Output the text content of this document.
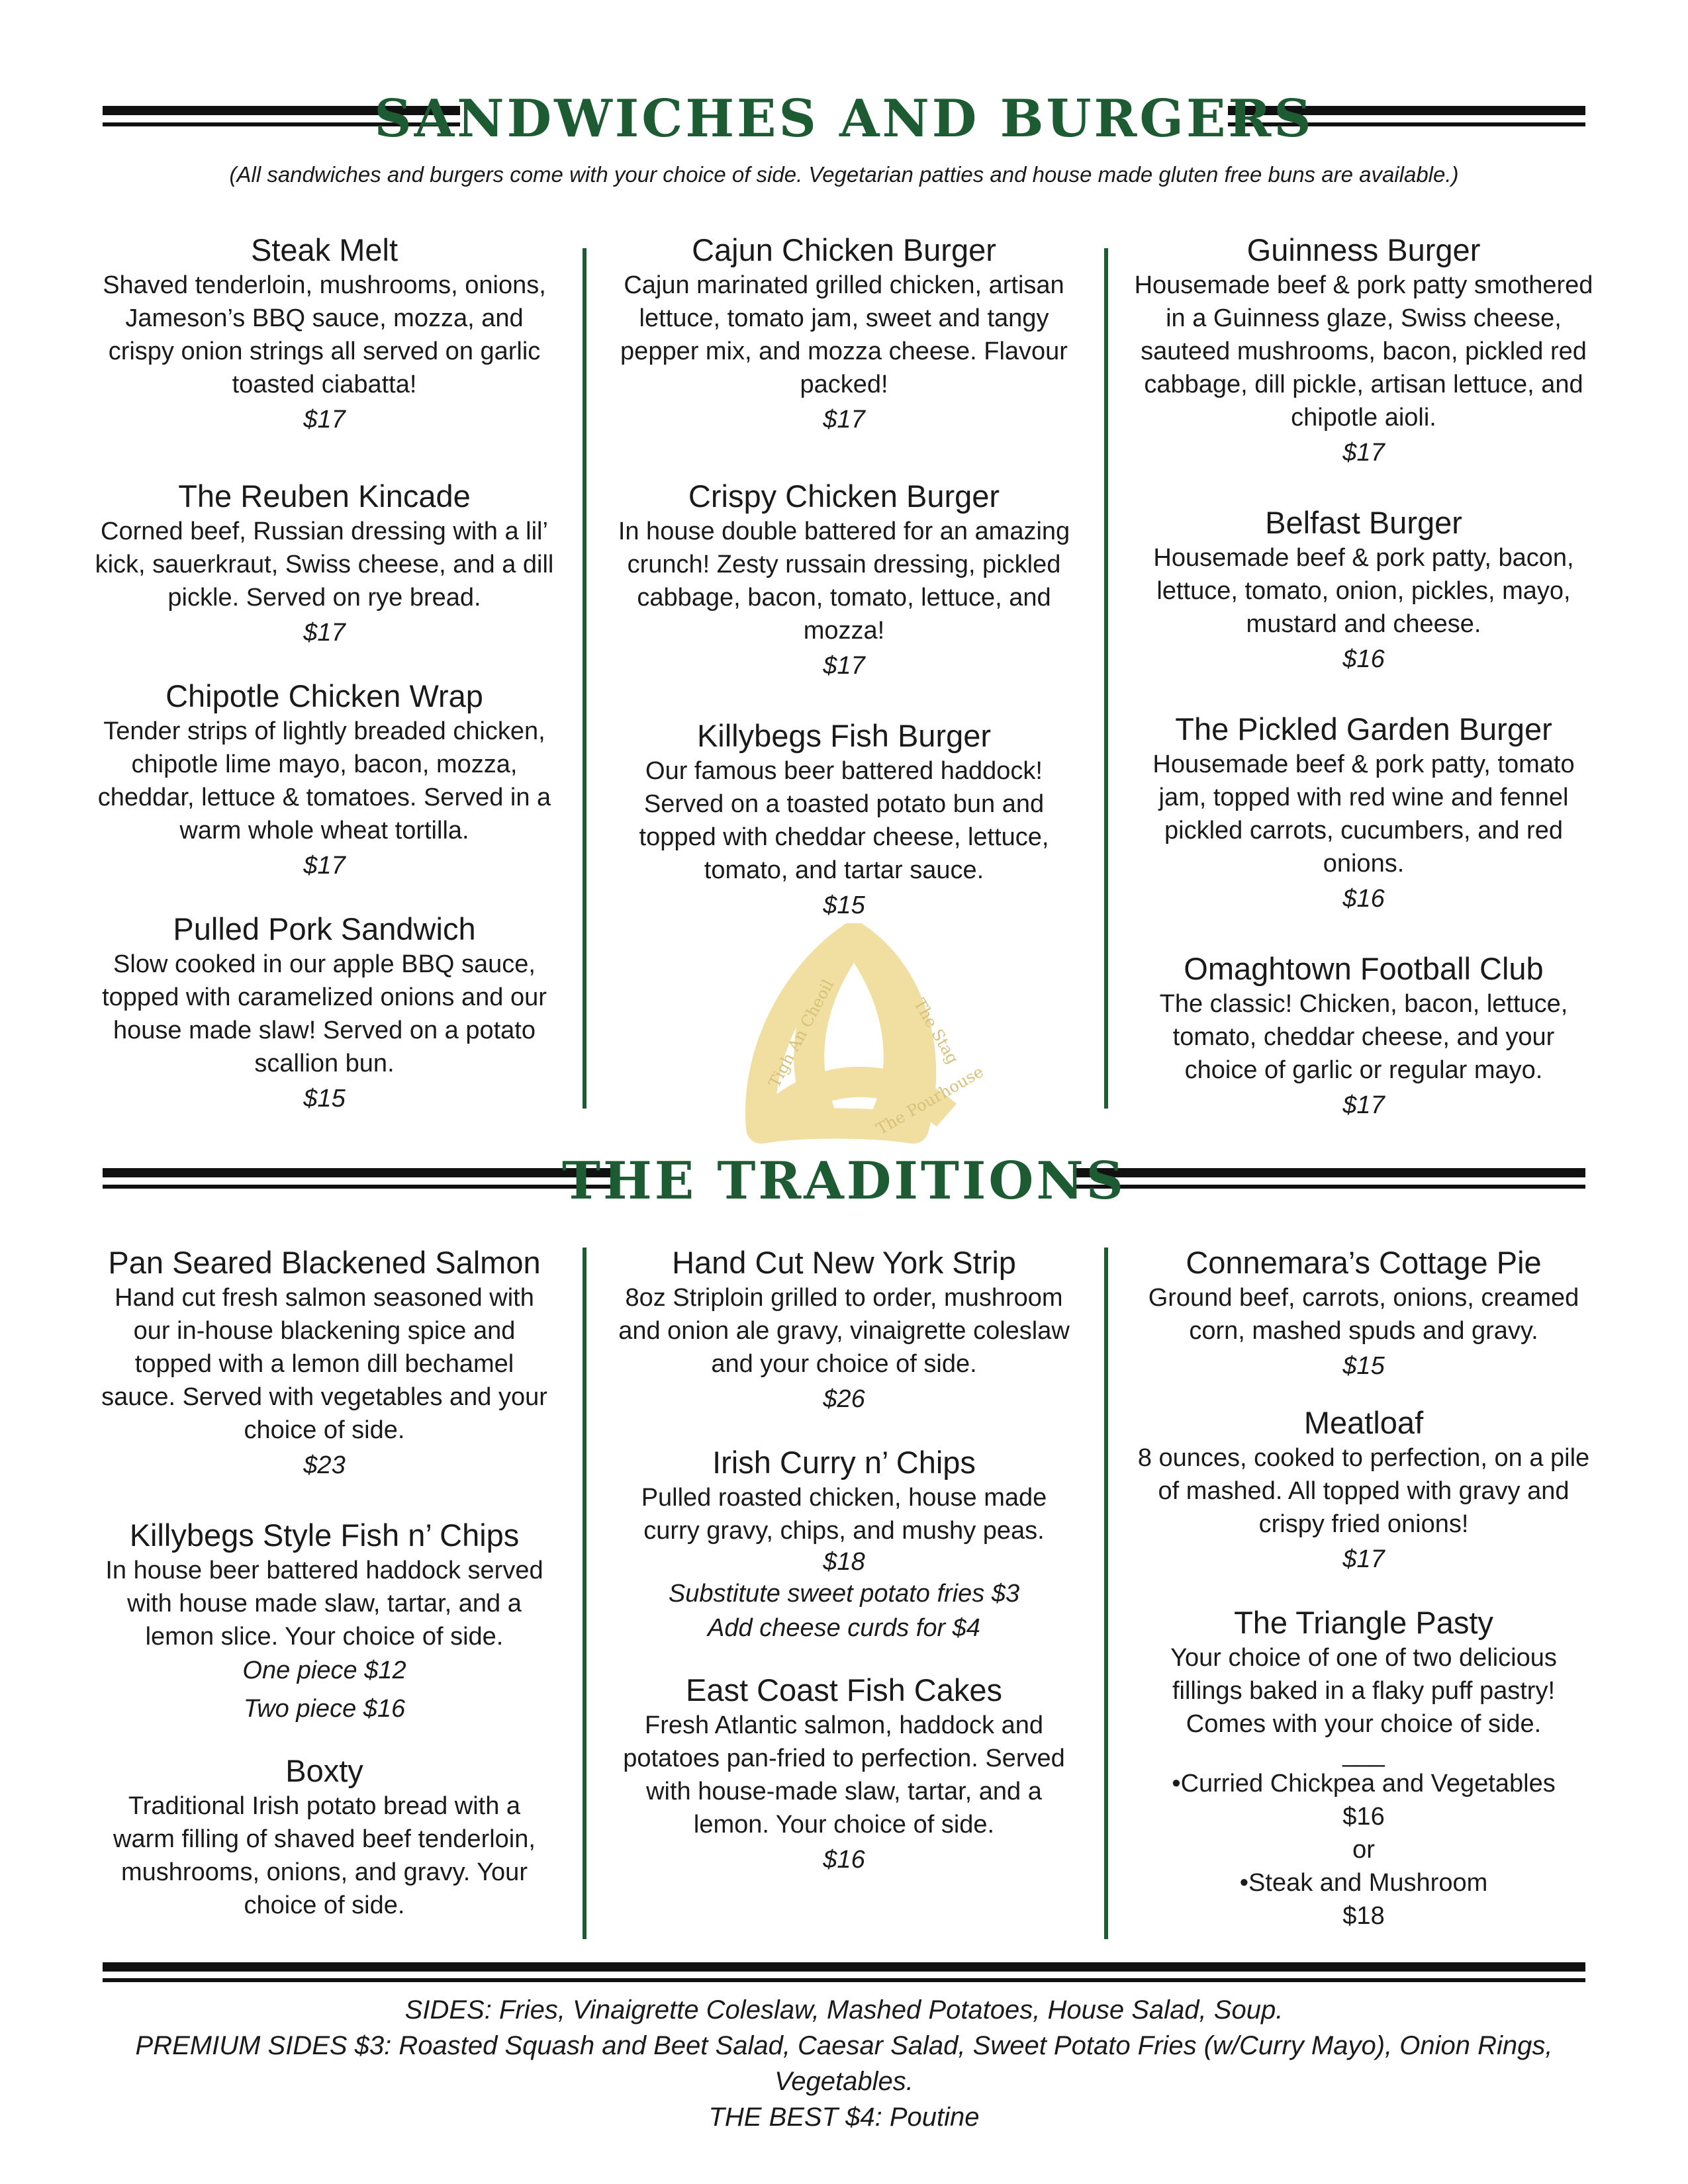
SANDWICHES AND BURGERS
(All sandwiches and burgers come with your choice of side. Vegetarian patties and house made gluten free buns are available.)
The Stag
Tigh An Cheoil
The Pourhouse
Steak Melt
Shaved tenderloin, mushrooms, onions, Jameson’s BBQ sauce, mozza, and crispy onion strings all served on garlic toasted ciabatta!
$17
The Reuben Kincade
Corned beef, Russian dressing with a lil’ kick, sauerkraut, Swiss cheese, and a dill pickle. Served on rye bread.
$17
Chipotle Chicken Wrap
Tender strips of lightly breaded chicken, chipotle lime mayo, bacon, mozza, cheddar, lettuce & tomatoes. Served in a warm whole wheat tortilla.
$17
Pulled Pork Sandwich
Slow cooked in our apple BBQ sauce, topped with caramelized onions and our house made slaw! Served on a potato scallion bun.
$15
Cajun Chicken Burger
Cajun marinated grilled chicken, artisan lettuce, tomato jam, sweet and tangy pepper mix, and mozza cheese. Flavour packed!
$17
Crispy Chicken Burger
In house double battered for an amazing crunch! Zesty russain dressing, pickled cabbage, bacon, tomato, lettuce, and mozza!
$17
Killybegs Fish Burger
Our famous beer battered haddock! Served on a toasted potato bun and topped with cheddar cheese, lettuce, tomato, and tartar sauce.
$15
Guinness Burger
Housemade beef & pork patty smothered in a Guinness glaze, Swiss cheese, sauteed mushrooms, bacon, pickled red cabbage, dill pickle, artisan lettuce, and chipotle aioli.
$17
Belfast Burger
Housemade beef & pork patty, bacon, lettuce, tomato, onion, pickles, mayo, mustard and cheese.
$16
The Pickled Garden Burger
Housemade beef & pork patty, tomato jam, topped with red wine and fennel pickled carrots, cucumbers, and red onions.
$16
Omaghtown Football Club
The classic! Chicken, bacon, lettuce, tomato, cheddar cheese, and your choice of garlic or regular mayo.
$17
THE TRADITIONS
Pan Seared Blackened Salmon
Hand cut fresh salmon seasoned with our in-house blackening spice and topped with a lemon dill bechamel sauce. Served with vegetables and your choice of side.
$23
Killybegs Style Fish n’ Chips
In house beer battered haddock served with house made slaw, tartar, and a lemon slice. Your choice of side.
One piece $12
Two piece $16
Boxty
Traditional Irish potato bread with a warm filling of shaved beef tenderloin, mushrooms, onions, and gravy. Your choice of side.
Hand Cut New York Strip
8oz Striploin grilled to order, mushroom and onion ale gravy, vinaigrette coleslaw and your choice of side.
$26
Irish Curry n’ Chips
Pulled roasted chicken, house made curry gravy, chips, and mushy peas.
$18
Substitute sweet potato fries $3
Add cheese curds for $4
East Coast Fish Cakes
Fresh Atlantic salmon, haddock and potatoes pan-fried to perfection. Served with house-made slaw, tartar, and a lemon. Your choice of side.
$16
Connemara’s Cottage Pie
Ground beef, carrots, onions, creamed corn, mashed spuds and gravy.
$15
Meatloaf
8 ounces, cooked to perfection, on a pile of mashed. All topped with gravy and crispy fried onions!
$17
The Triangle Pasty
Your choice of one of two delicious fillings baked in a flaky puff pastry! Comes with your choice of side.
___
•Curried Chickpea and Vegetables
$16
or
•Steak and Mushroom
$18
SIDES: Fries, Vinaigrette Coleslaw, Mashed Potatoes, House Salad, Soup.
PREMIUM SIDES $3: Roasted Squash and Beet Salad, Caesar Salad, Sweet Potato Fries (w/Curry Mayo), Onion Rings, Vegetables.
THE BEST $4: Poutine
